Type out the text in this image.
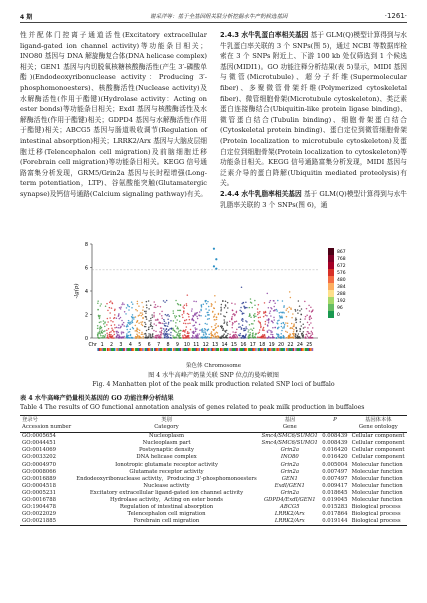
4 期	谢采洋等：基于全基因组关联分析挖掘水牛产奶候选基因	·1261·

性并配体门控离子通道活性(Excitatory extracellular ligand-gated ion channel activity)等功能条目相关；INO80 基因与 DNA 解旋酶复合体(DNA helicase complex)相关；GEN1 基因与内切脱氧核糖核酸酶活性(产生 3′-磷酸单酯)(Endodeoxyribonuclease activity：Producing 3′-phosphomonoesters)、核酸酶活性(Nuclease activity)及水解酶活性(作用于酯键)(Hydrolase activity：Acting on ester bonds)等功能条目相关；ExdI 基因与核酸酶活性及水解酶活性(作用于酯键)相关；GDPD4 基因与水解酶活性(作用于酯键)相关；ABCG5 基因与肠道吸收调节(Regulation of intestinal absorption)相关；LRRK2/Arx 基因与大脑皮层细胞迁移(Telencephalon cell migration)及前脑细胞迁移(Forebrain cell migration)等功能条目相关。KEGG 信号通路富集分析发现，GRM5/Grin2a 基因与长时程增强(Long-term potentiation，LTP)、谷氨酸能突触(Glutamatergic synapse)及钙信号通路(Calcium signaling pathway)有关。

2.4.3 水牛乳蛋白率相关基因 基于 GLM(Q)模型计算得到与水牛乳蛋白率关联的 3 个 SNPs(图 5)，通过 NCBI 等数据库检索在 3 个 SNPs 附近上、下游 100 kb 处仅筛选到 1 个候选基因(MIDI1)。GO 功能注释分析结果(表 5)显示，MIDI 基因与微管(Microtubule)、超分子纤维(Supermolecular fiber)、多聚微管骨架纤维(Polymerized cytoskeletal fiber)、微管细胞骨架(Microtubule cytoskeleton)、类泛素蛋白连接酶结合(Ubiquitin-like protein ligase binding)、微管蛋白结合(Tubulin binding)、细胞骨架蛋白结合(Cytoskeletal protein binding)、蛋白定位到微管细胞骨架(Protein localization to microtubule cytoskeleton)及蛋白定位到细胞骨架(Protein localization to cytoskeleton)等功能条目相关。KEGG 信号通路富集分析发现，MIDI 基因与泛素介导的蛋白降解(Ubiquitin mediated proteolysis)有关。

2.4.4 水牛乳脂率相关基因 基于 GLM(Q)模型计算得到与水牛乳脂率关联的 3 个 SNPs(图 6)，通

0
2
4
6
8
-lg(p)
Chr 1 2 3 4 5 6 7 8 9 10 11 12 13 14 15 16 17 18 19 20 22 24 25
867
768
672
576
480
384
288
192
96
0
染色体 Chromosome
图 4 水牛高峰产奶量关联 SNP 位点的曼哈顿图
Fig. 4 Manhatten plot of the peak milk production related SNP loci of buffalo
表 4 水牛高峰产奶量相关基因的 GO 功能注释分析结果
Table 4 The results of GO functional annotation analysis of genes related to peak milk production in buffaloes
登录号	类别	基因	P	基因体本体
Accession number	Category	Gene		Gene ontology
GO:0005654	Nucleoplasm	Smc4/SMC6/SUMO1	0.008439	Cellular component
GO:0044451	Nucleoplasm part	Smc4/SMC6/SUMO1	0.008439	Cellular component
GO:0014069	Postsynaptic density	Grin2a	0.016420	Cellular component
GO:0033202	DNA helicase complex	INO80	0.016420	Cellular component
GO:0004970	Ionotropic glutamate receptor activity	Grin2a	0.005004	Molecular function
GO:0008066	Glutamate receptor activity	Grin2a	0.007497	Molecular function
GO:0016889	Endodeoxyribonuclease activity，Producing 3'-phosphomonoesters	GEN1	0.007497	Molecular function
GO:0004518	Nuclease activity	ExdI/GEN1	0.009417	Molecular function
GO:0005231	Excitatory extracellular ligand-gated ion channel activity	Grin2a	0.018645	Molecular function
GO:0016788	Hydrolase activity，Acting on ester bonds	GDPD4/ExdI/GEN1	0.019045	Molecular function
GO:1904478	Regulation of intestinal absorption	ABCG5	0.015283	Biological process
GO:0022029	Telencephalon cell migration	LRRK2/Arx	0.017864	Biological process
GO:0021885	Forebrain cell migration	LRRK2/Arx	0.019144	Biological process
